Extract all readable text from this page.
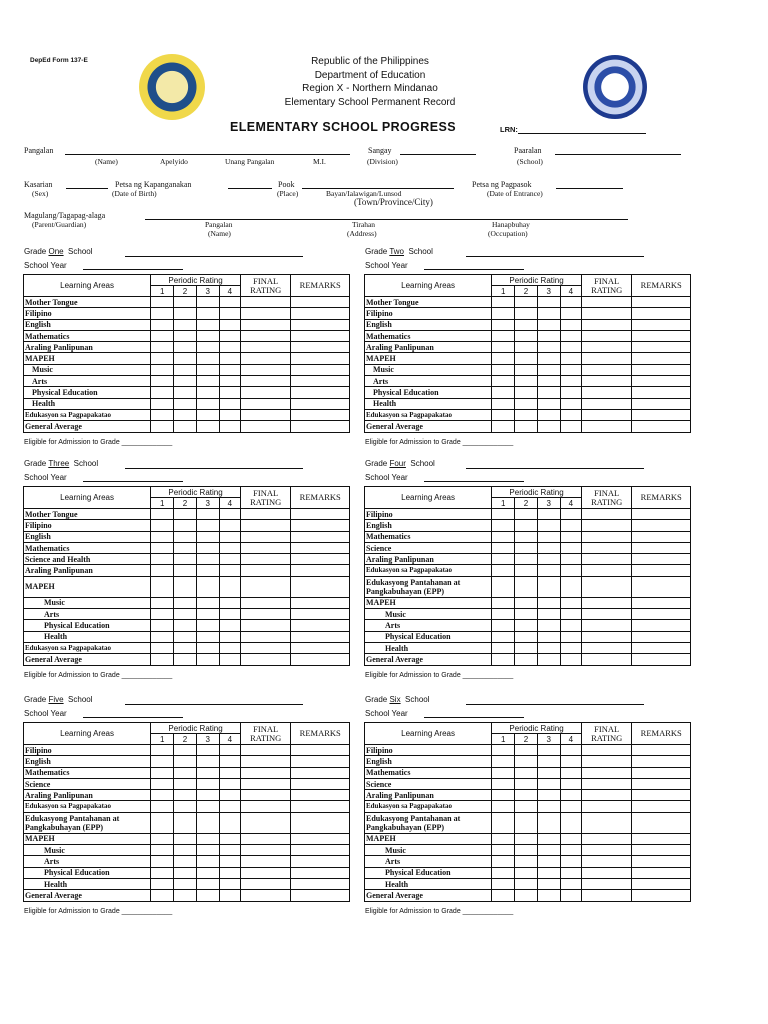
DepEd Form 137-E	Republic of the Philippines
Department of Education
Region X - Northern Mindanao
Elementary School Permanent Record
ELEMENTARY SCHOOL PROGRESS	LRN:
Pangalan
(Name)	Apelyido	Unang Pangalan	M.I.
Sangay
(Division)
Paaralan
(School)
Kasarian
(Sex)
Petsa ng Kapanganakan
(Date of Birth)
Pook
(Place)	Bayan/Ialawigan/Lunsod
(Town/Province/City)
Petsa ng Pagpasok
(Date of Entrance)
Magulang/Tagapag-alaga
(Parent/Guardian)	Pangalan
(Name)
Tirahan
(Address)
Hanapbuhay
(Occupation)
Grade One School
School Year
Learning Areas	Periodic Rating				FINAL RATING	REMARKS
	1	2	3	4		
Mother Tongue						
Filipino						
English						
Mathematics						
Araling Panlipunan						
MAPEH						
Music						
Arts						
Physical Education						
Health						
Edukasyon sa Pagpapakatao						
General Average						
Eligible for Admission to Grade _____________
Grade Two School
School Year
Learning Areas	Periodic Rating				FINAL RATING	REMARKS
	1	2	3	4		
Mother Tongue						
Filipino						
English						
Mathematics						
Araling Panlipunan						
MAPEH						
Music						
Arts						
Physical Education						
Health						
Edukasyon sa Pagpapakatao						
General Average						
Eligible for Admission to Grade _____________
Grade Three School
School Year
Learning Areas	Periodic Rating				FINAL RATING	REMARKS
	1	2	3	4		
Mother Tongue						
Filipino						
English						
Mathematics						
Science and Health						
Araling Panlipunan						
MAPEH						
Music						
Arts						
Physical Education						
Health						
Edukasyon sa Pagpapakatao						
General Average						
Eligible for Admission to Grade _____________
Grade Four School
School Year
Learning Areas	Periodic Rating				FINAL RATING	REMARKS
	1	2	3	4		
Filipino						
English						
Mathematics						
Science						
Araling Panlipunan						
Edukasyon sa Pagpapakatao						
Edukasyong Pantahanan at Pangkabuhayan (EPP)						
MAPEH						
Music						
Arts						
Physical Education						
Health						
General Average						
Eligible for Admission to Grade _____________
Grade Five School
School Year
Learning Areas	Periodic Rating				FINAL RATING	REMARKS
	1	2	3	4		
Filipino						
English						
Mathematics						
Science						
Araling Panlipunan						
Edukasyon sa Pagpapakatao						
Edukasyong Pantahanan at Pangkabuhayan (EPP)						
MAPEH						
Music						
Arts						
Physical Education						
Health						
General Average						
Eligible for Admission to Grade _____________
Grade Six School
School Year
Learning Areas	Periodic Rating				FINAL RATING	REMARKS
	1	2	3	4		
Filipino						
English						
Mathematics						
Science						
Araling Panlipunan						
Edukasyon sa Pagpapakatao						
Edukasyong Pantahanan at Pangkabuhayan (EPP)						
MAPEH						
Music						
Arts						
Physical Education						
Health						
General Average						
Eligible for Admission to Grade _____________
